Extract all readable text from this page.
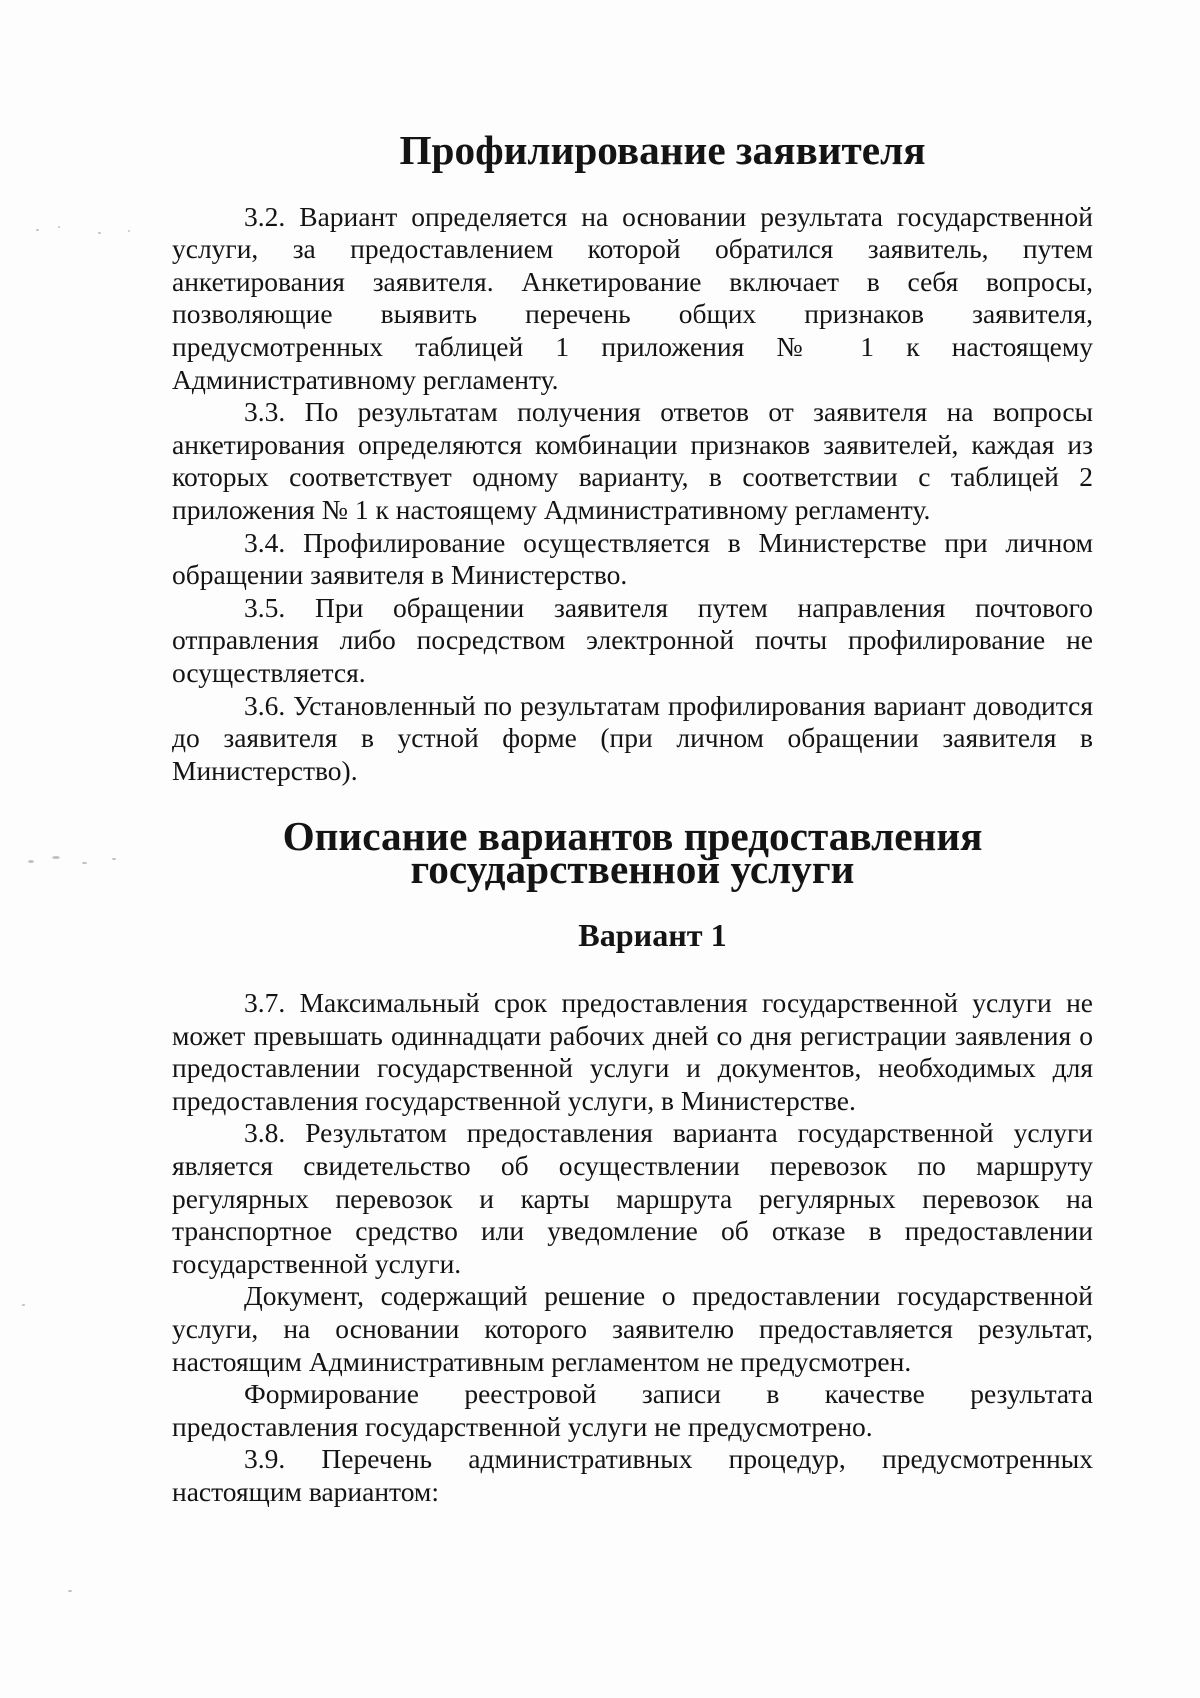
Профилирование заявителя

3.2. Вариант определяется на основании результата государственной услуги, за предоставлением которой обратился заявитель, путем анкетирования заявителя. Анкетирование включает в себя вопросы, позволяющие выявить перечень общих признаков заявителя, предусмотренных таблицей 1 приложения № 1 к настоящему Административному регламенту.

3.3. По результатам получения ответов от заявителя на вопросы анкетирования определяются комбинации признаков заявителей, каждая из которых соответствует одному варианту, в соответствии с таблицей 2 приложения № 1 к настоящему Административному регламенту.

3.4. Профилирование осуществляется в Министерстве при личном обращении заявителя в Министерство.

3.5. При обращении заявителя путем направления почтового отправления либо посредством электронной почты профилирование не осуществляется.

3.6. Установленный по результатам профилирования вариант доводится до заявителя в устной форме (при личном обращении заявителя в Министерство).

Описание вариантов предоставления государственной услуги
Вариант 1

3.7. Максимальный срок предоставления государственной услуги не может превышать одиннадцати рабочих дней со дня регистрации заявления о предоставлении государственной услуги и документов, необходимых для предоставления государственной услуги, в Министерстве.

3.8. Результатом предоставления варианта государственной услуги является свидетельство об осуществлении перевозок по маршруту регулярных перевозок и карты маршрута регулярных перевозок на транспортное средство или уведомление об отказе в предоставлении государственной услуги.

Документ, содержащий решение о предоставлении государственной услуги, на основании которого заявителю предоставляется результат, настоящим Административным регламентом не предусмотрен.

Формирование реестровой записи в качестве результата предоставления государственной услуги не предусмотрено.

3.9. Перечень административных процедур, предусмотренных настоящим вариантом:
